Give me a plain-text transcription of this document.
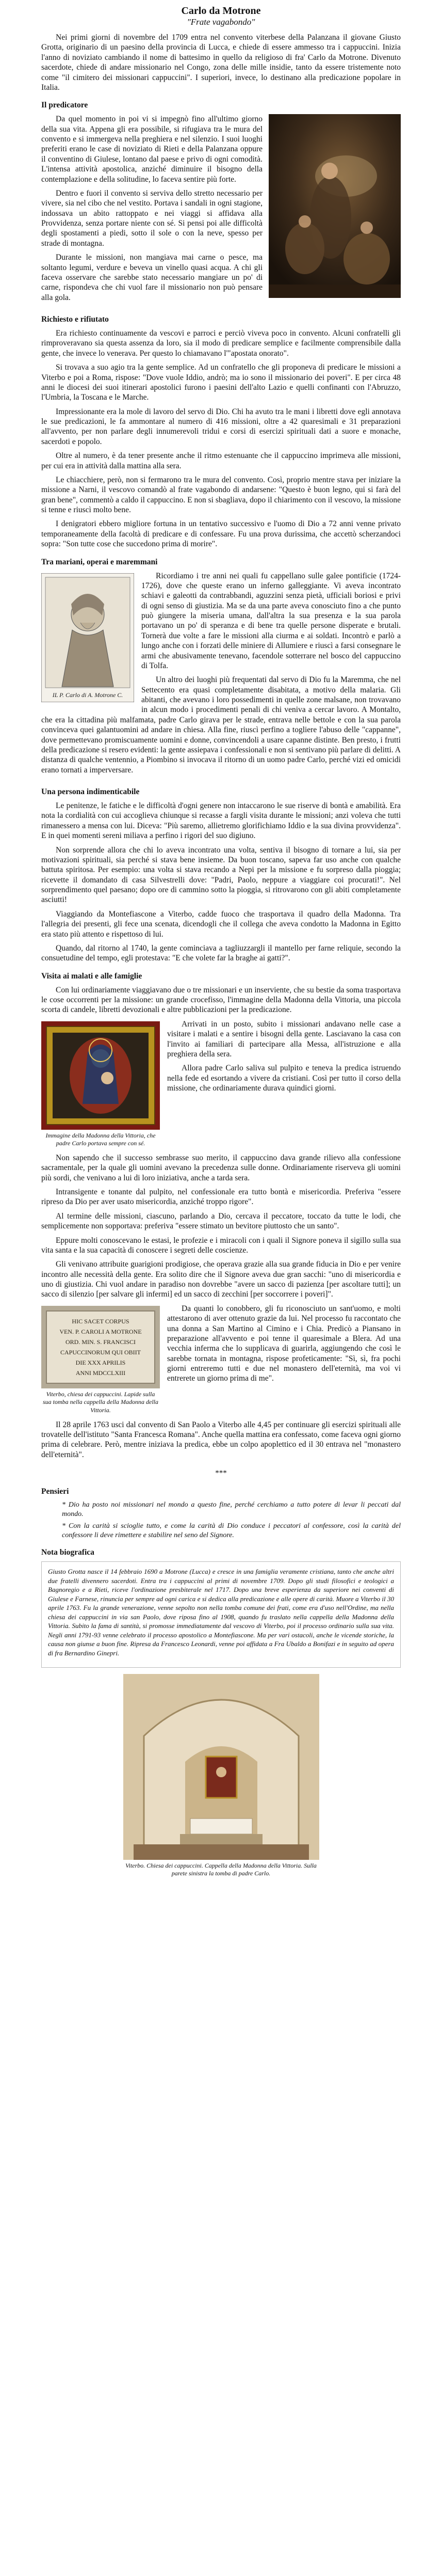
Carlo da Motrone
"Frate vagabondo"

Nei primi giorni di novembre del 1709 entra nel convento viterbese della Palanzana il giovane Giusto Grotta, originario di un paesino della provincia di Lucca, e chiede di essere ammesso tra i cappuccini. Inizia l'anno di noviziato cambiando il nome di battesimo in quello da religioso di fra' Carlo da Motrone. Divenuto sacerdote, chiede di andare missionario nel Congo, zona delle mille insidie, tanto da essere tristemente noto come "il cimitero dei missionari cappuccini". I superiori, invece, lo destinano alla predicazione popolare in Italia.

Il predicatore

Da quel momento in poi vi si impegnò fino all'ultimo giorno della sua vita. Appena gli era possibile, si rifugiava tra le mura del convento e si immergeva nella preghiera e nel silenzio. I suoi luoghi preferiti erano le case di noviziato di Rieti e della Palanzana oppure il conventino di Giulese, lontano dal paese e privo di ogni comodità. L'intensa attività apostolica, anziché diminuire il bisogno della contemplazione e della solitudine, lo faceva sentire più forte.

Dentro e fuori il convento si serviva dello stretto necessario per vivere, sia nel cibo che nel vestito. Portava i sandali in ogni stagione, indossava un abito rattoppato e nei viaggi si affidava alla Provvidenza, senza portare niente con sé. Si pensi poi alle difficoltà degli spostamenti a piedi, sotto il sole o con la neve, spesso per strade di montagna.

Durante le missioni, non mangiava mai carne o pesce, ma soltanto legumi, verdure e beveva un vinello quasi acqua. A chi gli faceva osservare che sarebbe stato necessario mangiare un po' di carne, rispondeva che chi vuol fare il missionario non può pensare alla gola.

Richiesto e rifiutato

Era richiesto continuamente da vescovi e parroci e perciò viveva poco in convento. Alcuni confratelli gli rimproveravano sia questa assenza da loro, sia il modo di predicare semplice e facilmente comprensibile dalla gente, che invece lo venerava. Per questo lo chiamavano l'"apostata onorato".

Si trovava a suo agio tra la gente semplice. Ad un confratello che gli proponeva di predicare le missioni a Viterbo e poi a Roma, rispose: "Dove vuole Iddio, andrò; ma io sono il missionario dei poveri". E per circa 48 anni le diocesi dei suoi itinerari apostolici furono i paesini dell'alto Lazio e quelli confinanti con l'Abruzzo, l'Umbria, la Toscana e le Marche.

Impressionante era la mole di lavoro del servo di Dio. Chi ha avuto tra le mani i libretti dove egli annotava le sue predicazioni, le fa ammontare al numero di 416 missioni, oltre a 42 quaresimali e 31 preparazioni all'avvento, per non parlare degli innumerevoli tridui e corsi di esercizi spirituali dati a suore e monache, sacerdoti e popolo.

Oltre al numero, è da tener presente anche il ritmo estenuante che il cappuccino imprimeva alle missioni, per cui era in attività dalla mattina alla sera.

Le chiacchiere, però, non si fermarono tra le mura del convento. Così, proprio mentre stava per iniziare la missione a Narni, il vescovo comandò al frate vagabondo di andarsene: "Questo è buon legno, qui si farà del gran bene", commentò a caldo il cappuccino. E non si sbagliava, dopo il chiarimento con il vescovo, la missione si tenne e riuscì molto bene.

I denigratori ebbero migliore fortuna in un tentativo successivo e l'uomo di Dio a 72 anni venne privato temporaneamente della facoltà di predicare e di confessare. Fu una prova durissima, che accettò scherzandoci sopra: "Son tutte cose che succedono prima di morire".

Tra mariani, operai e maremmani
IL P. Carlo di A. Motrone C.

Ricordiamo i tre anni nei quali fu cappellano sulle galee pontificie (1724-1726), dove che queste erano un inferno galleggiante. Vi aveva incontrato schiavi e galeotti da contrabbandi, aguzzini senza pietà, ufficiali boriosi e privi di ogni senso di giustizia. Ma se da una parte aveva conosciuto fino a che punto può giungere la miseria umana, dall'altra la sua presenza e la sua parola portavano un po' di speranza e di bene tra quelle persone disperate e brutali. Tornerà due volte a fare le missioni alla ciurma e ai soldati. Incontrò e parlò a lungo anche con i forzati delle miniere di Allumiere e riuscì a farsi consegnare le armi che abusivamente tenevano, facendole sotterrare nel bosco del cappuccino di Tolfa.

Un altro dei luoghi più frequentati dal servo di Dio fu la Maremma, che nel Settecento era quasi completamente disabitata, a motivo della malaria. Gli abitanti, che avevano i loro possedimenti in quelle zone malsane, non trovavano in alcun modo i procedimenti penali di chi veniva a cercar lavoro. A Montalto, che era la cittadina più malfamata, padre Carlo girava per le strade, entrava nelle bettole e con la sua parola convinceva quei galantuomini ad andare in chiesa. Alla fine, riuscì perfino a togliere l'abuso delle "cappanne", dove permettevano promiscuamente uomini e donne, convincendoli a usare capanne distinte. Ben presto, i frutti della predicazione si resero evidenti: la gente assiepava i confessionali e non si sentivano più parlare di delitti. A distanza di qualche ventennio, a Piombino si invocava il ritorno di un uomo padre Carlo, perché vizi ed omicidi erano tornati a imperversare.

Una persona indimenticabile

Le penitenze, le fatiche e le difficoltà d'ogni genere non intaccarono le sue riserve di bontà e amabilità. Era nota la cordialità con cui accoglieva chiunque si recasse a fargli visita durante le missioni; anzi voleva che tutti rimanessero a mensa con lui. Diceva: "Più saremo, allietremo glorifichiamo Iddio e la sua divina provvidenza". E in quei momenti sereni miliava a perfino i rigori del suo digiuno.

Non sorprende allora che chi lo aveva incontrato una volta, sentiva il bisogno di tornare a lui, sia per motivazioni spirituali, sia perché si stava bene insieme. Da buon toscano, sapeva far uso anche con qualche battuta spiritosa. Per esempio: una volta si stava recando a Nepi per la missione e fu sorpreso dalla pioggia; ricevette il domandato di casa Silvestrelli dove: "Padri, Paolo, neppure a viaggiare coi procurati!". Nel sorprendimento quel paesano; dopo ore di cammino sotto la pioggia, si ritrovarono con gli abiti completamente asciutti!

Viaggiando da Montefiascone a Viterbo, cadde fuoco che trasportava il quadro della Madonna. Tra l'allegria dei presenti, gli fece una scenata, dicendogli che il collega che aveva condotto la Madonna in Egitto era stato più attento e rispettoso di lui.

Quando, dal ritorno al 1740, la gente cominciava a tagliuzzargli il mantello per farne reliquie, secondo la consuetudine del tempo, egli protestava: "E che volete far la braghe ai gatti?".

Visita ai malati e alle famiglie

Con lui ordinariamente viaggiavano due o tre missionari e un inserviente, che su bestie da soma trasportava le cose occorrenti per la missione: un grande crocefisso, l'immagine della Madonna della Vittoria, una piccola scorta di candele, libretti devozionali e altre pubblicazioni per la predicazione.

Immagine della Madonna della Vittoria, che padre Carlo portava sempre con sé.

Arrivati in un posto, subito i missionari andavano nelle case a visitare i malati e a sentire i bisogni della gente. Lasciavano la casa con l'invito ai familiari di partecipare alla Messa, all'istruzione e alla preghiera della sera.

Allora padre Carlo saliva sul pulpito e teneva la predica istruendo nella fede ed esortando a vivere da cristiani. Così per tutto il corso della missione, che ordinariamente durava quindici giorni.

Non sapendo che il successo sembrasse suo merito, il cappuccino dava grande rilievo alla confessione sacramentale, per la quale gli uomini avevano la precedenza sulle donne. Ordinariamente riserveva gli uomini più sordi, che venivano a lui di loro iniziativa, anche a tarda sera.

Intransigente e tonante dal pulpito, nel confessionale era tutto bontà e misericordia. Preferiva "essere ripreso da Dio per aver usato misericordia, anziché troppo rigore".

Al termine delle missioni, ciascuno, parlando a Dio, cercava il peccatore, toccato da tutte le lodi, che semplicemente non sopportava: preferiva "essere stimato un bevitore piuttosto che un santo".

Eppure molti conoscevano le estasi, le profezie e i miracoli con i quali il Signore poneva il sigillo sulla sua vita santa e la sua capacità di conoscere i segreti delle coscienze.

Gli venivano attribuite guarigioni prodigiose, che operava grazie alla sua grande fiducia in Dio e per venire incontro alle necessità della gente. Era solito dire che il Signore aveva due gran sacchi: "uno di misericordia e uno di giustizia. Chi vuol andare in paradiso non dovrebbe "avere un sacco di pazienza [per ascoltare tutti]; un sacco di silenzio [per salvare gli infermi] ed un sacco di zecchini [per soccorrere i poveri]".

HIC SACET CORPUS
VEN. P. CAROLI A MOTRONE
ORD. MIN. S. FRANCISCI
CAPUCCINORUM QUI OBIIT
DIE XXX APRILIS
ANNI MDCCLXIII
Viterbo, chiesa dei cappuccini. Lapide sulla sua tomba nella cappella della Madonna della Vittoria.

Da quanti lo conobbero, gli fu riconosciuto un sant'uomo, e molti attestarono di aver ottenuto grazie da lui. Nel processo fu raccontato che una donna a San Martino al Cimino e i Chia. Predicò a Piansano in preparazione all'avvento e poi tenne il quaresimale a Blera. Ad una vecchia inferma che lo supplicava di guarirla, aggiungendo che così le sarebbe tornata in montagna, rispose profeticamente: "Sì, sì, fra pochi giorni entreremo tutti e due nel monastero dell'eternità, ma voi vi entrerete un giorno prima di me".

Il 28 aprile 1763 usci dal convento di San Paolo a Viterbo alle 4,45 per continuare gli esercizi spirituali alle trovatelle dell'istituto "Santa Francesca Romana". Anche quella mattina era confessato, come faceva ogni giorno prima di celebrare. Però, mentre iniziava la predica, ebbe un colpo apoplettico ed il 30 entrava nel "monastero dell'eternità".

***
Pensieri

* Dio ha posto noi missionari nel mondo a questo fine, perché cerchiamo a tutto potere di levar li peccati dal mondo.

* Con la carità si scioglie tutto, e come la carità di Dio conduce i peccatori al confessore, così la carità del confessore li deve rimettere e stabilire nel seno del Signore.

Nota biografica

Giusto Grotta nasce il 14 febbraio 1690 a Motrone (Lucca) e cresce in una famiglia veramente cristiana, tanto che anche altri due fratelli divennero sacerdoti. Entra tra i cappuccini al primi di novembre 1709. Dopo gli studi filosofici e teologici a Bagnoregio e a Rieti, riceve l'ordinazione presbiterale nel 1717. Dopo una breve esperienza da superiore nei conventi di Giulese e Farnese, rinuncia per sempre ad ogni carica e si dedica alla predicazione e alle opere di carità. Muore a Viterbo il 30 aprile 1763. Fu la grande venerazione, venne sepolto non nella tomba comune dei frati, come era d'uso nell'Ordine, ma nella chiesa dei cappuccini in via san Paolo, dove riposa fino al 1908, quando fu traslato nella cappella della Madonna della Vittoria. Subito la fama di santità, si promosse immediatamente dal vescovo di Viterbo, poi il processo ordinario sulla sua vita. Negli anni 1791-93 venne celebrato il processo apostolico a Montefiascone. Ma per vari ostacoli, anche le vicende storiche, la causa non giunse a buon fine. Ripresa da Francesco Leonardi, venne poi affidata a Fra Ubaldo a Bonifazi e in seguito ad opera di fra Bernardino Ginepri.

Viterbo. Chiesa dei cappuccini. Cappella della Madonna della Vittoria. Sulla parete sinistra la tomba di padre Carlo.
